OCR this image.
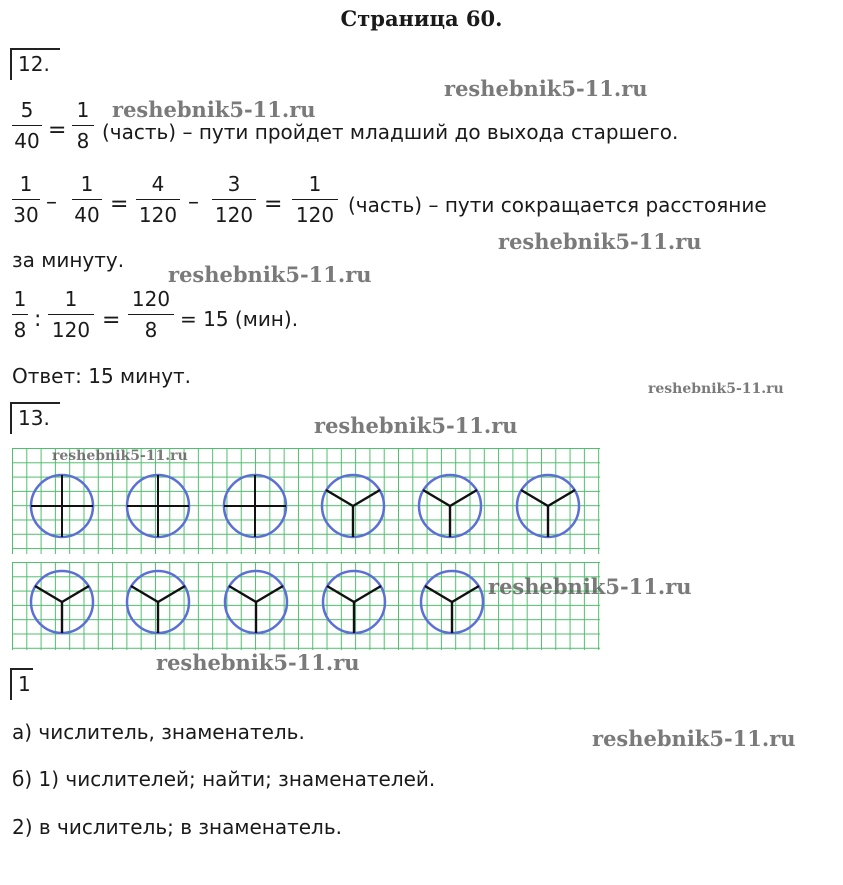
Страница 60.
12.
5
40 =
1
8 (часть) – пути пройдет младший до выхода старшего.
1
30 –
1
40 =
4
120 –
3
120 =
1
120 (часть) – пути сокращается расстояние
за минуту.
1
8 :
1
120 =
120
8	= 15 (мин).
Ответ: 15 минут.
13.
1
а) числитель, знаменатель.
б) 1) числителей; найти; знаменателей.
2) в числитель; в знаменатель.
reshebnik5-11.ru
reshebnik5-11.ru
reshebnik5-11.ru
reshebnik5-11.ru
reshebnik5-11.ru
reshebnik5-11.ru
reshebnik5-11.ru
reshebnik5-11.ru
reshebnik5-11.ru
reshebnik5-11.ru
